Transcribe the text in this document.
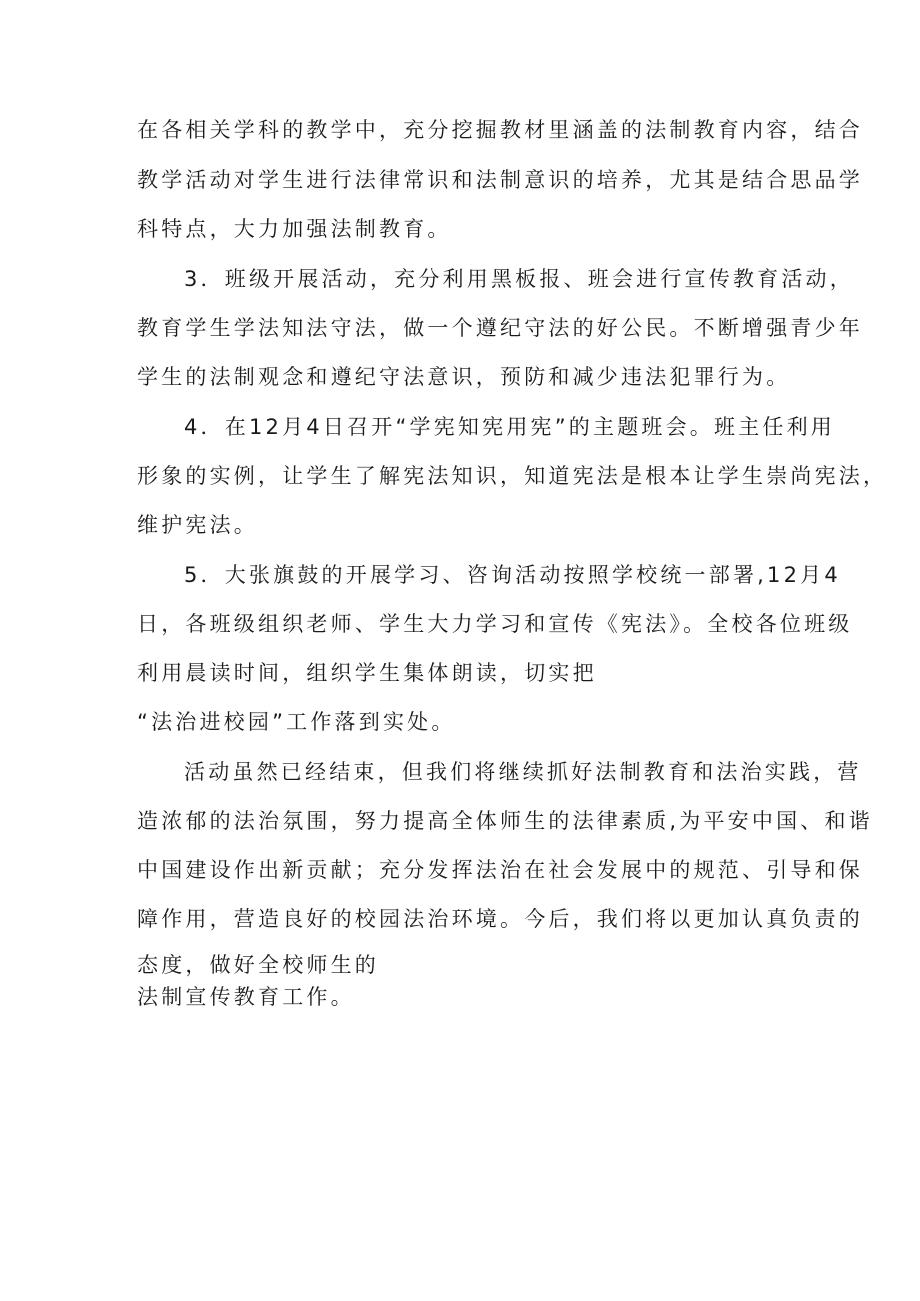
在各相关学科的教学中，充分挖掘教材里涵盖的法制教育内容，结合
教学活动对学生进行法律常识和法制意识的培养，尤其是结合思品学
科特点，大力加强法制教育。
3．班级开展活动，充分利用黑板报、班会进行宣传教育活动，
教育学生学法知法守法，做一个遵纪守法的好公民。不断增强青少年
学生的法制观念和遵纪守法意识，预防和减少违法犯罪行为。
4．在12月4日召开“学宪知宪用宪”的主题班会。班主任利用
形象的实例，让学生了解宪法知识，知道宪法是根本让学生崇尚宪法，
维护宪法。
5．大张旗鼓的开展学习、咨询活动按照学校统一部署,12月4
日，各班级组织老师、学生大力学习和宣传《宪法》。全校各位班级
利用晨读时间，组织学生集体朗读，切实把
“法治进校园”工作落到实处。
活动虽然已经结束，但我们将继续抓好法制教育和法治实践，营
造浓郁的法治氛围，努力提高全体师生的法律素质,为平安中国、和谐
中国建设作出新贡献；充分发挥法治在社会发展中的规范、引导和保
障作用，营造良好的校园法治环境。今后，我们将以更加认真负责的
态度，做好全校师生的
法制宣传教育工作。
